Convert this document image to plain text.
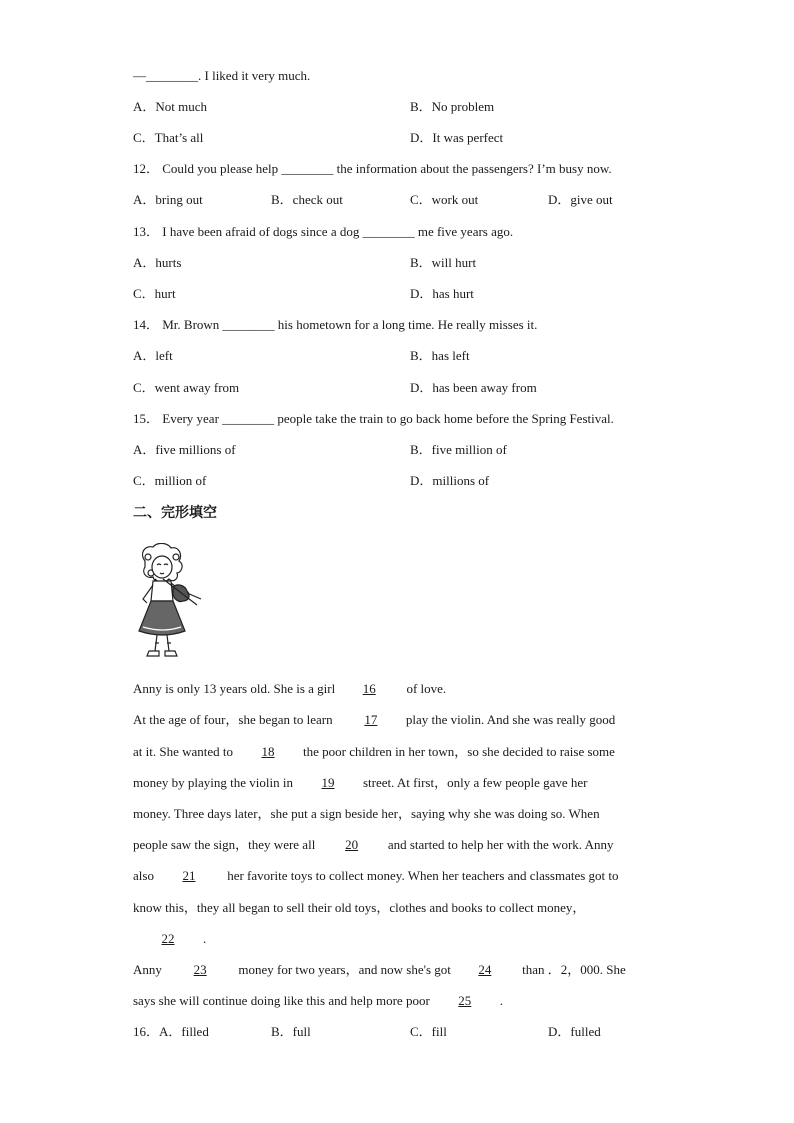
—________. I liked it very much.
A．Not much	B．No problem
C．That’s all	D．It was perfect
12． Could you please help ________ the information about the passengers? I’m busy now.
A．bring out	B．check out	C．work out	D．give out
13． I have been afraid of dogs since a dog ________ me five years ago.
A．hurts	B．will hurt
C．hurt	D．has hurt
14． Mr. Brown ________ his hometown for a long time. He really misses it.
A．left	B．has left
C．went away from	D．has been away from
15． Every year ________ people take the train to go back home before the Spring Festival.
A．five millions of	B．five million of
C．million of	D．millions of
二、完形填空
Anny is only 13 years old. She is a girl 16 of love.
At the age of four，she began to learn 17 play the violin. And she was really good
at it. She wanted to 18 the poor children in her town，so she decided to raise some
money by playing the violin in 19 street. At first，only a few people gave her
money. Three days later，she put a sign beside her，saying why she was doing so. When
people saw the sign，they were all 20 and started to help her with the work. Anny
also 21 her favorite toys to collect money. When her teachers and classmates got to
know this，they all began to sell their old toys，clothes and books to collect money，
22 .
Anny 23 money for two years，and now she's got 24 than ．2，000. She
says she will continue doing like this and help more poor 25 .
16．A．filled	B．full	C．fill	D．fulled
